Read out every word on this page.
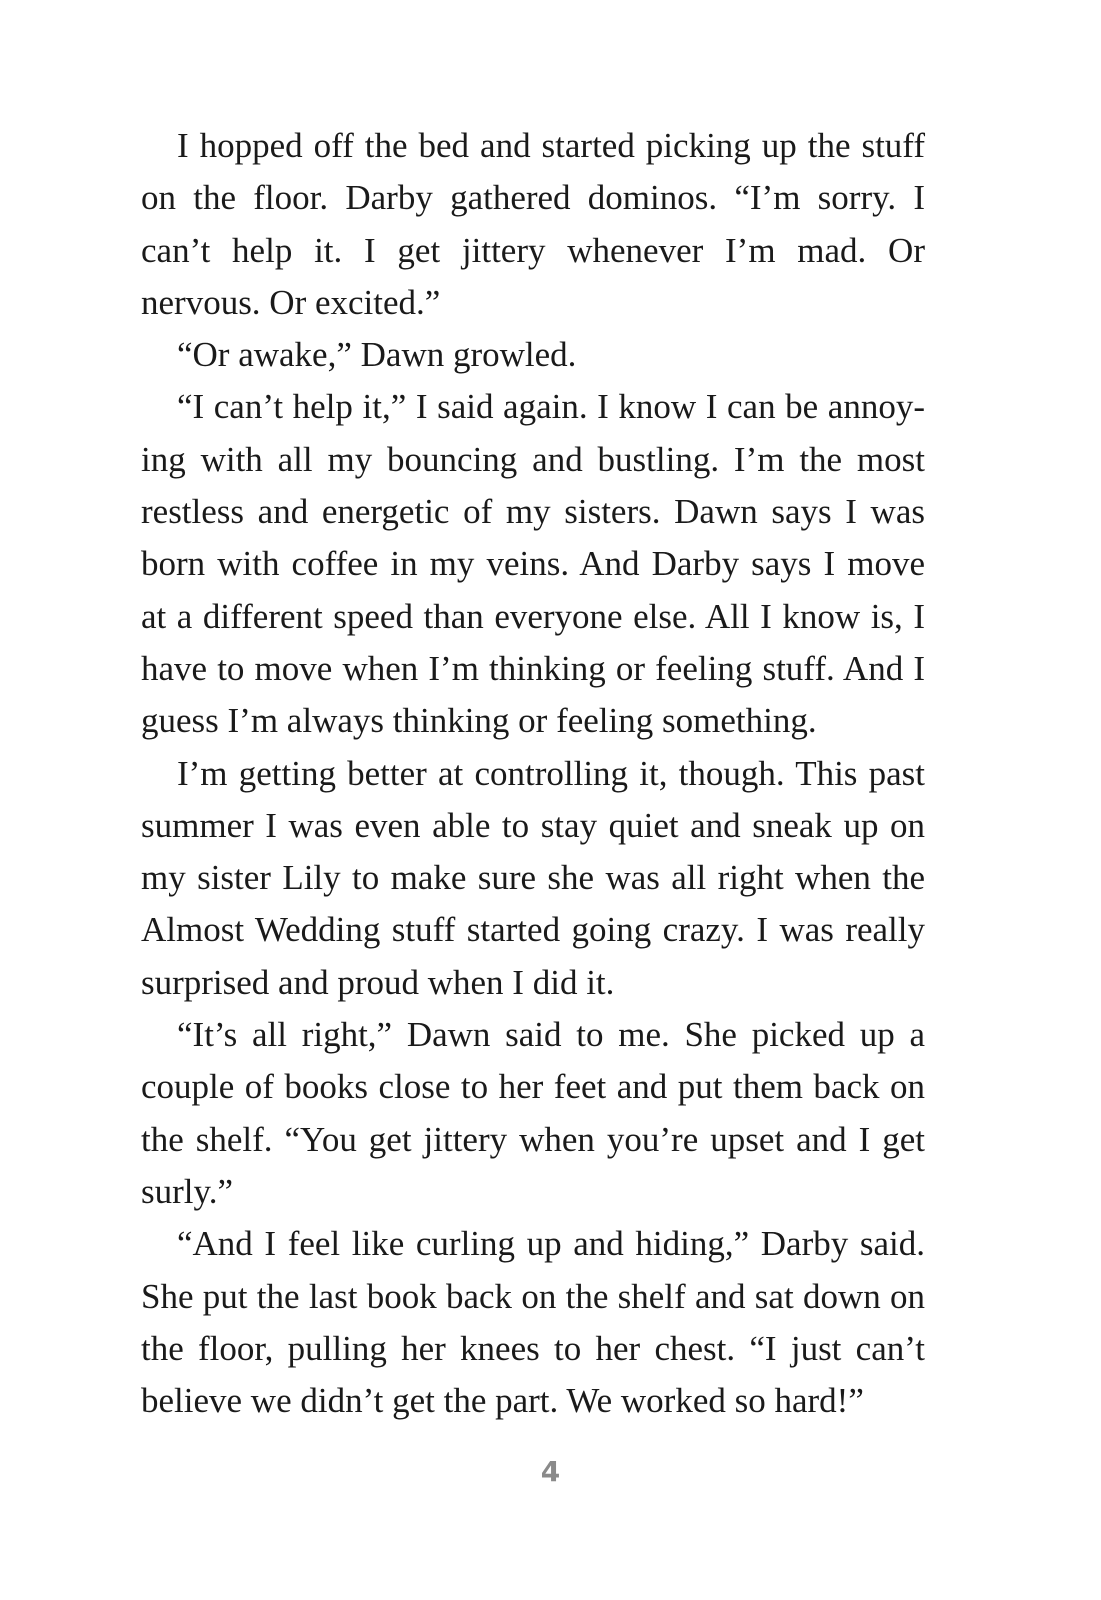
I hopped off the bed and started picking up the stuff on the floor. Darby gathered dominos. “I’m sorry. I can’t help it. I get jittery whenever I’m mad. Or nervous. Or excited.”

“Or awake,” Dawn growled.

“I can’t help it,” I said again. I know I can be annoying with all my bouncing and bustling. I’m the most restless and energetic of my sisters. Dawn says I was born with coffee in my veins. And Darby says I move at a different speed than everyone else. All I know is, I have to move when I’m thinking or feeling stuff. And I guess I’m always thinking or feeling something.

I’m getting better at controlling it, though. This past summer I was even able to stay quiet and sneak up on my sister Lily to make sure she was all right when the Almost Wedding stuff started going crazy. I was really surprised and proud when I did it.

“It’s all right,” Dawn said to me. She picked up a couple of books close to her feet and put them back on the shelf. “You get jittery when you’re upset and I get surly.”

“And I feel like curling up and hiding,” Darby said. She put the last book back on the shelf and sat down on the floor, pulling her knees to her chest. “I just can’t believe we didn’t get the part. We worked so hard!”

4
